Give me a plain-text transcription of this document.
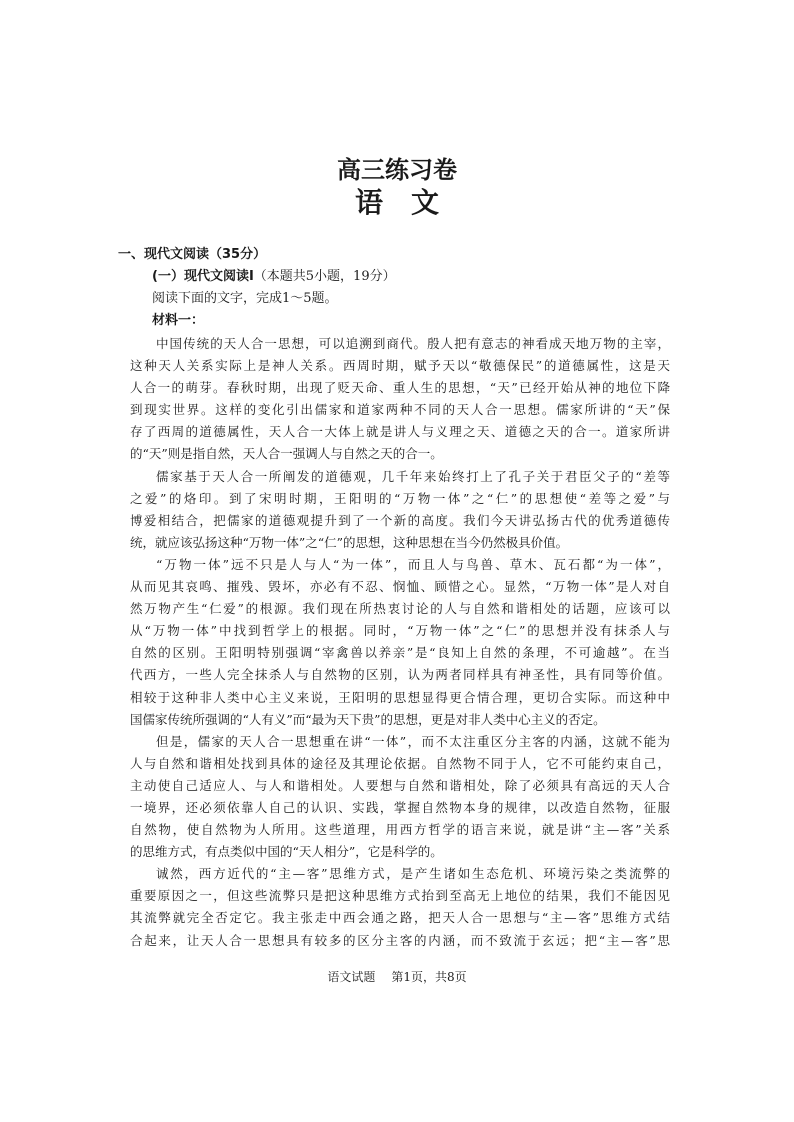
高三练习卷
语　文
一、现代文阅读（35分）
(一）现代文阅读Ⅰ（本题共5小题，19分）
阅读下面的文字，完成1～5题。
材料一：
中国传统的天人合一思想，可以追溯到商代。殷人把有意志的神看成天地万物的主宰，
这种天人关系实际上是神人关系。西周时期，赋予天以“敬德保民”的道德属性，这是天
人合一的萌芽。春秋时期，出现了贬天命、重人生的思想，“天”已经开始从神的地位下降
到现实世界。这样的变化引出儒家和道家两种不同的天人合一思想。儒家所讲的“天”保
存了西周的道德属性，天人合一大体上就是讲人与义理之天、道德之天的合一。道家所讲
的“天”则是指自然，天人合一强调人与自然之天的合一。
儒家基于天人合一所阐发的道德观，几千年来始终打上了孔子关于君臣父子的“差等
之爱”的烙印。到了宋明时期，王阳明的“万物一体”之“仁”的思想使“差等之爱”与
博爱相结合，把儒家的道德观提升到了一个新的高度。我们今天讲弘扬古代的优秀道德传
统，就应该弘扬这种“万物一体”之“仁”的思想，这种思想在当今仍然极具价值。
“万物一体”远不只是人与人“为一体”，而且人与鸟兽、草木、瓦石都“为一体”，
从而见其哀鸣、摧残、毁坏，亦必有不忍、悯恤、顾惜之心。显然，“万物一体”是人对自
然万物产生“仁爱”的根源。我们现在所热衷讨论的人与自然和谐相处的话题，应该可以
从“万物一体”中找到哲学上的根据。同时，“万物一体”之“仁”的思想并没有抹杀人与
自然的区别。王阳明特别强调“宰禽兽以养亲”是“良知上自然的条理，不可逾越”。在当
代西方，一些人完全抹杀人与自然物的区别，认为两者同样具有神圣性，具有同等价值。
相较于这种非人类中心主义来说，王阳明的思想显得更合情合理，更切合实际。而这种中
国儒家传统所强调的“人有义”而“最为天下贵”的思想，更是对非人类中心主义的否定。
但是，儒家的天人合一思想重在讲“一体”，而不太注重区分主客的内涵，这就不能为
人与自然和谐相处找到具体的途径及其理论依据。自然物不同于人，它不可能约束自己，
主动使自己适应人、与人和谐相处。人要想与自然和谐相处，除了必须具有高远的天人合
一境界，还必须依靠人自己的认识、实践，掌握自然物本身的规律，以改造自然物，征服
自然物，使自然物为人所用。这些道理，用西方哲学的语言来说，就是讲“主—客”关系
的思维方式，有点类似中国的“天人相分”，它是科学的。
诚然，西方近代的“主—客”思维方式，是产生诸如生态危机、环境污染之类流弊的
重要原因之一，但这些流弊只是把这种思维方式抬到至高无上地位的结果，我们不能因见
其流弊就完全否定它。我主张走中西会通之路，把天人合一思想与“主—客”思维方式结
合起来，让天人合一思想具有较多的区分主客的内涵，而不致流于玄远；把“主—客”思
语文试题 第1页，共8页
